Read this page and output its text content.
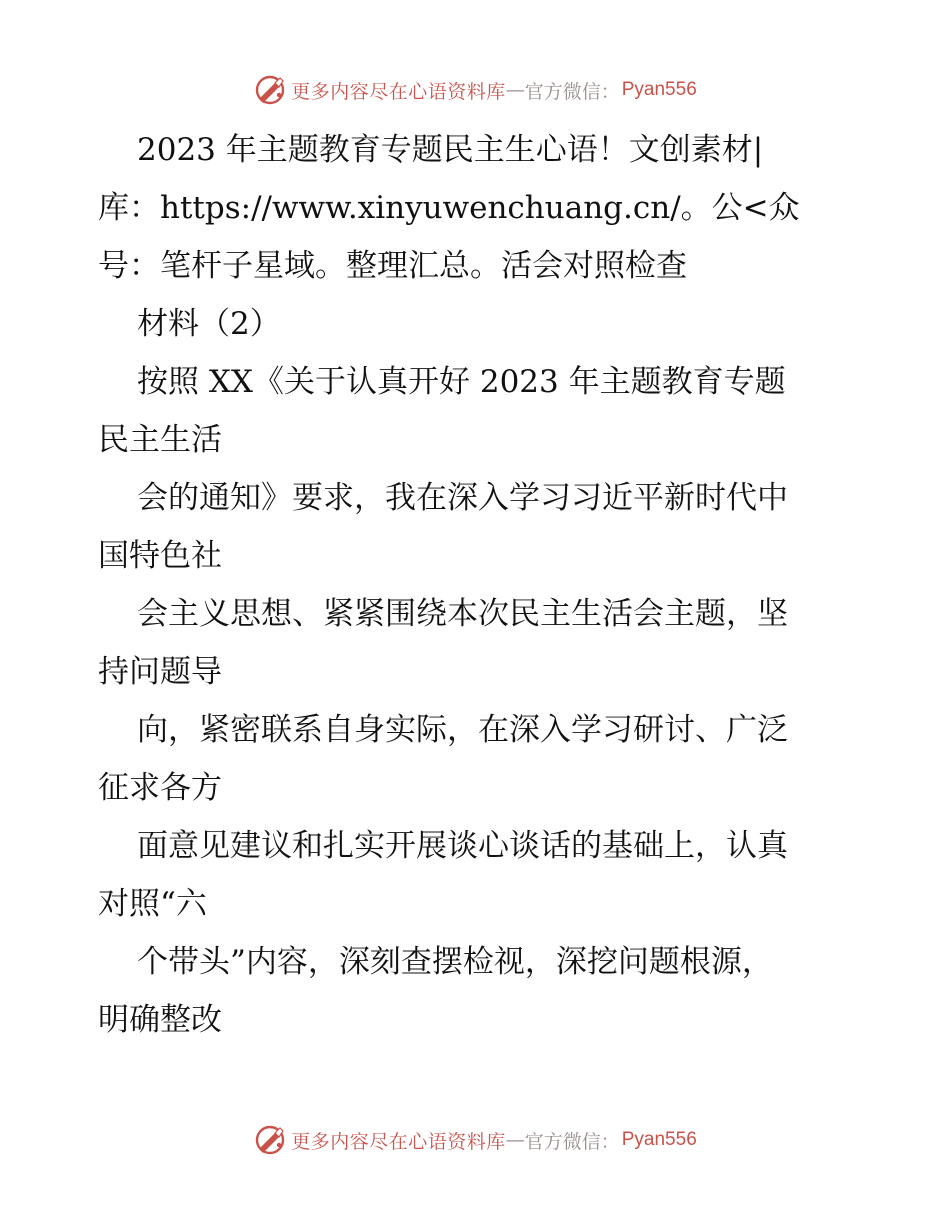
更多内容尽在心语资料库 — 官方微信： Pyan556
2023 年主题教育专题民主生心语！文创素材|
库：https://www.xinyuwenchuang.cn/。公<众
号：笔杆子星域。整理汇总。活会对照检查
材料（2）
按照 XX《关于认真开好 2023 年主题教育专题
民主生活
会的通知》要求，我在深入学习习近平新时代中
国特色社
会主义思想、紧紧围绕本次民主生活会主题，坚
持问题导
向，紧密联系自身实际，在深入学习研讨、广泛
征求各方
面意见建议和扎实开展谈心谈话的基础上，认真
对照“六
个带头”内容，深刻查摆检视，深挖问题根源，
明确整改
更多内容尽在心语资料库 — 官方微信： Pyan556
